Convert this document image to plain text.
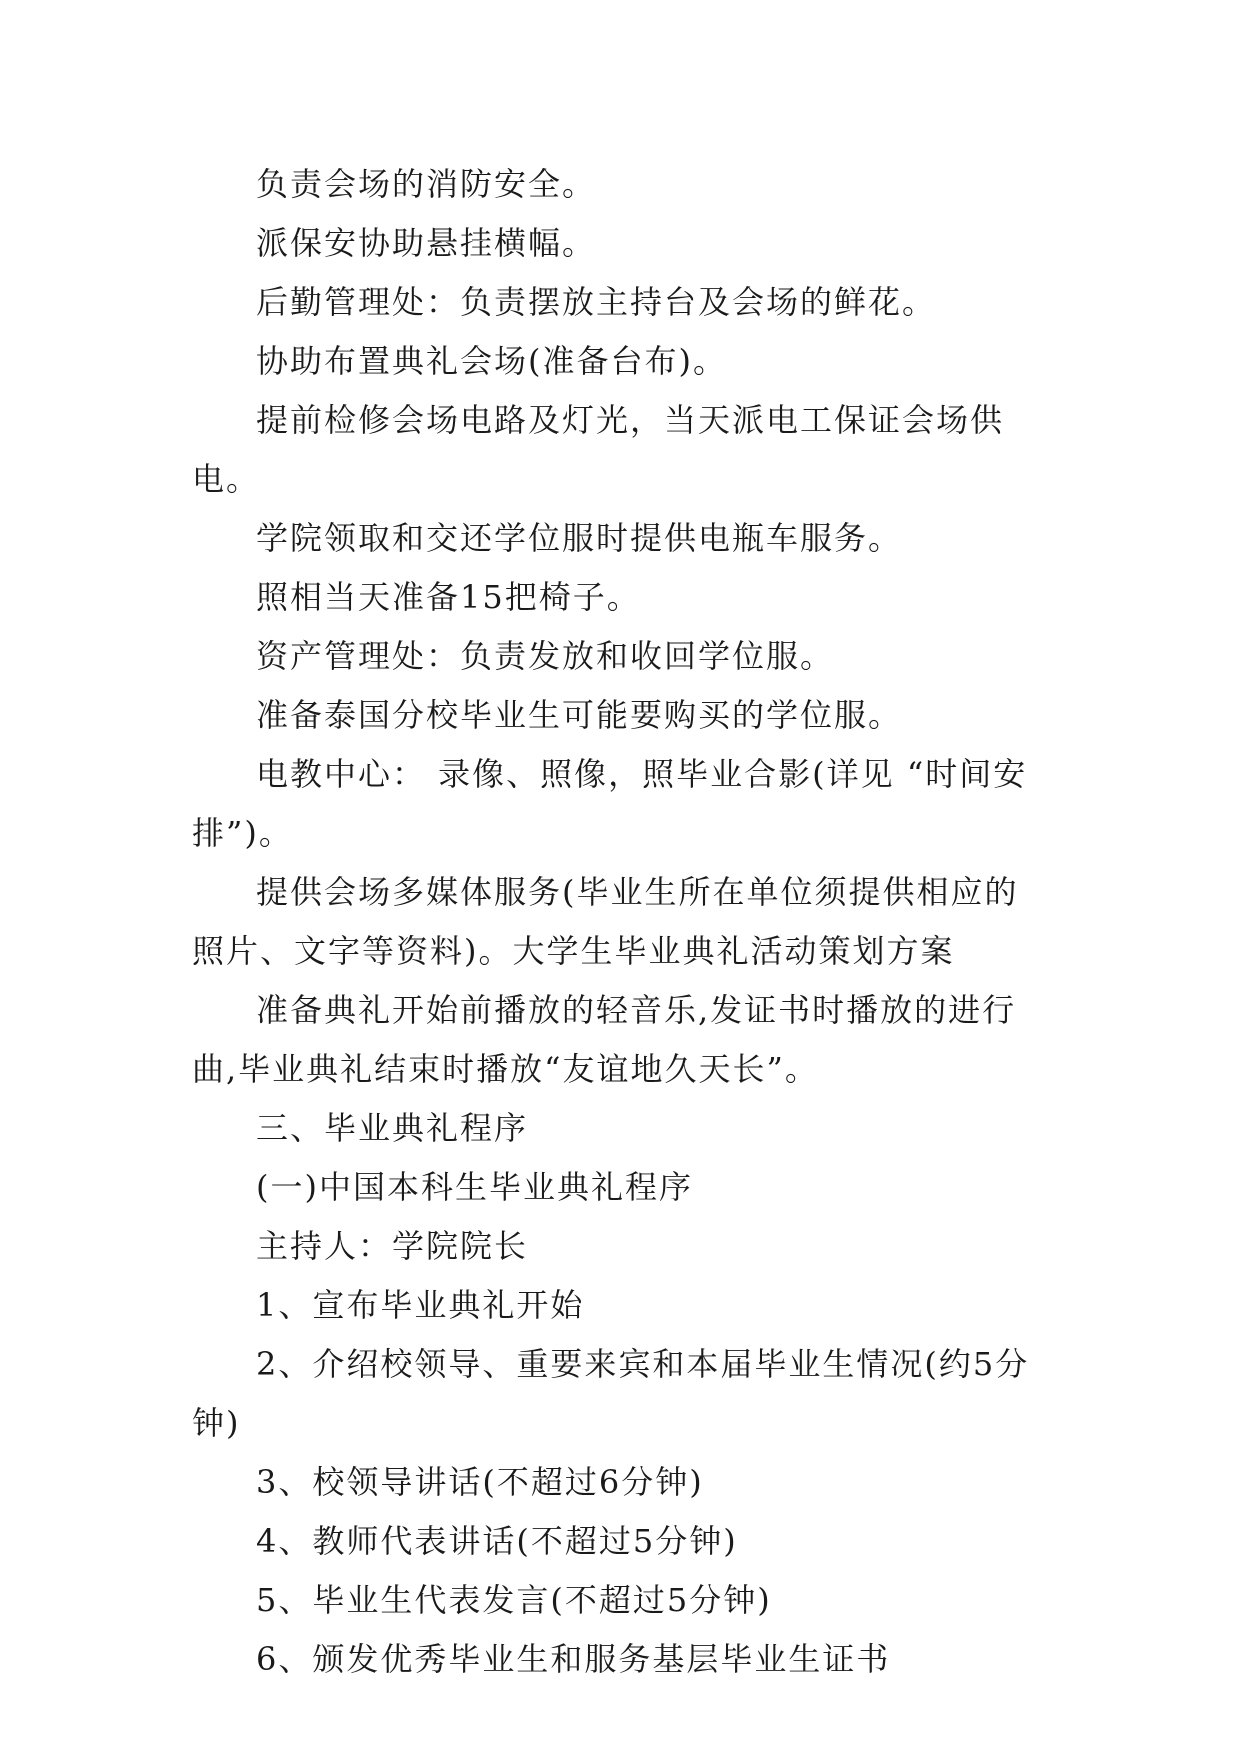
负责会场的消防安全。

派保安协助悬挂横幅。

后勤管理处：负责摆放主持台及会场的鲜花。

协助布置典礼会场(准备台布)。

提前检修会场电路及灯光，当天派电工保证会场供电。

学院领取和交还学位服时提供电瓶车服务。

照相当天准备15把椅子。

资产管理处：负责发放和收回学位服。

准备泰国分校毕业生可能要购买的学位服。

电教中心： 录像、照像，照毕业合影(详见 “时间安排”)。

提供会场多媒体服务(毕业生所在单位须提供相应的照片、文字等资料)。大学生毕业典礼活动策划方案

准备典礼开始前播放的轻音乐,发证书时播放的进行曲,毕业典礼结束时播放“友谊地久天长”。

三、毕业典礼程序

(一)中国本科生毕业典礼程序

主持人：学院院长

1、宣布毕业典礼开始

2、介绍校领导、重要来宾和本届毕业生情况(约5分钟)

3、校领导讲话(不超过6分钟)

4、教师代表讲话(不超过5分钟)

5、毕业生代表发言(不超过5分钟)

6、颁发优秀毕业生和服务基层毕业生证书
